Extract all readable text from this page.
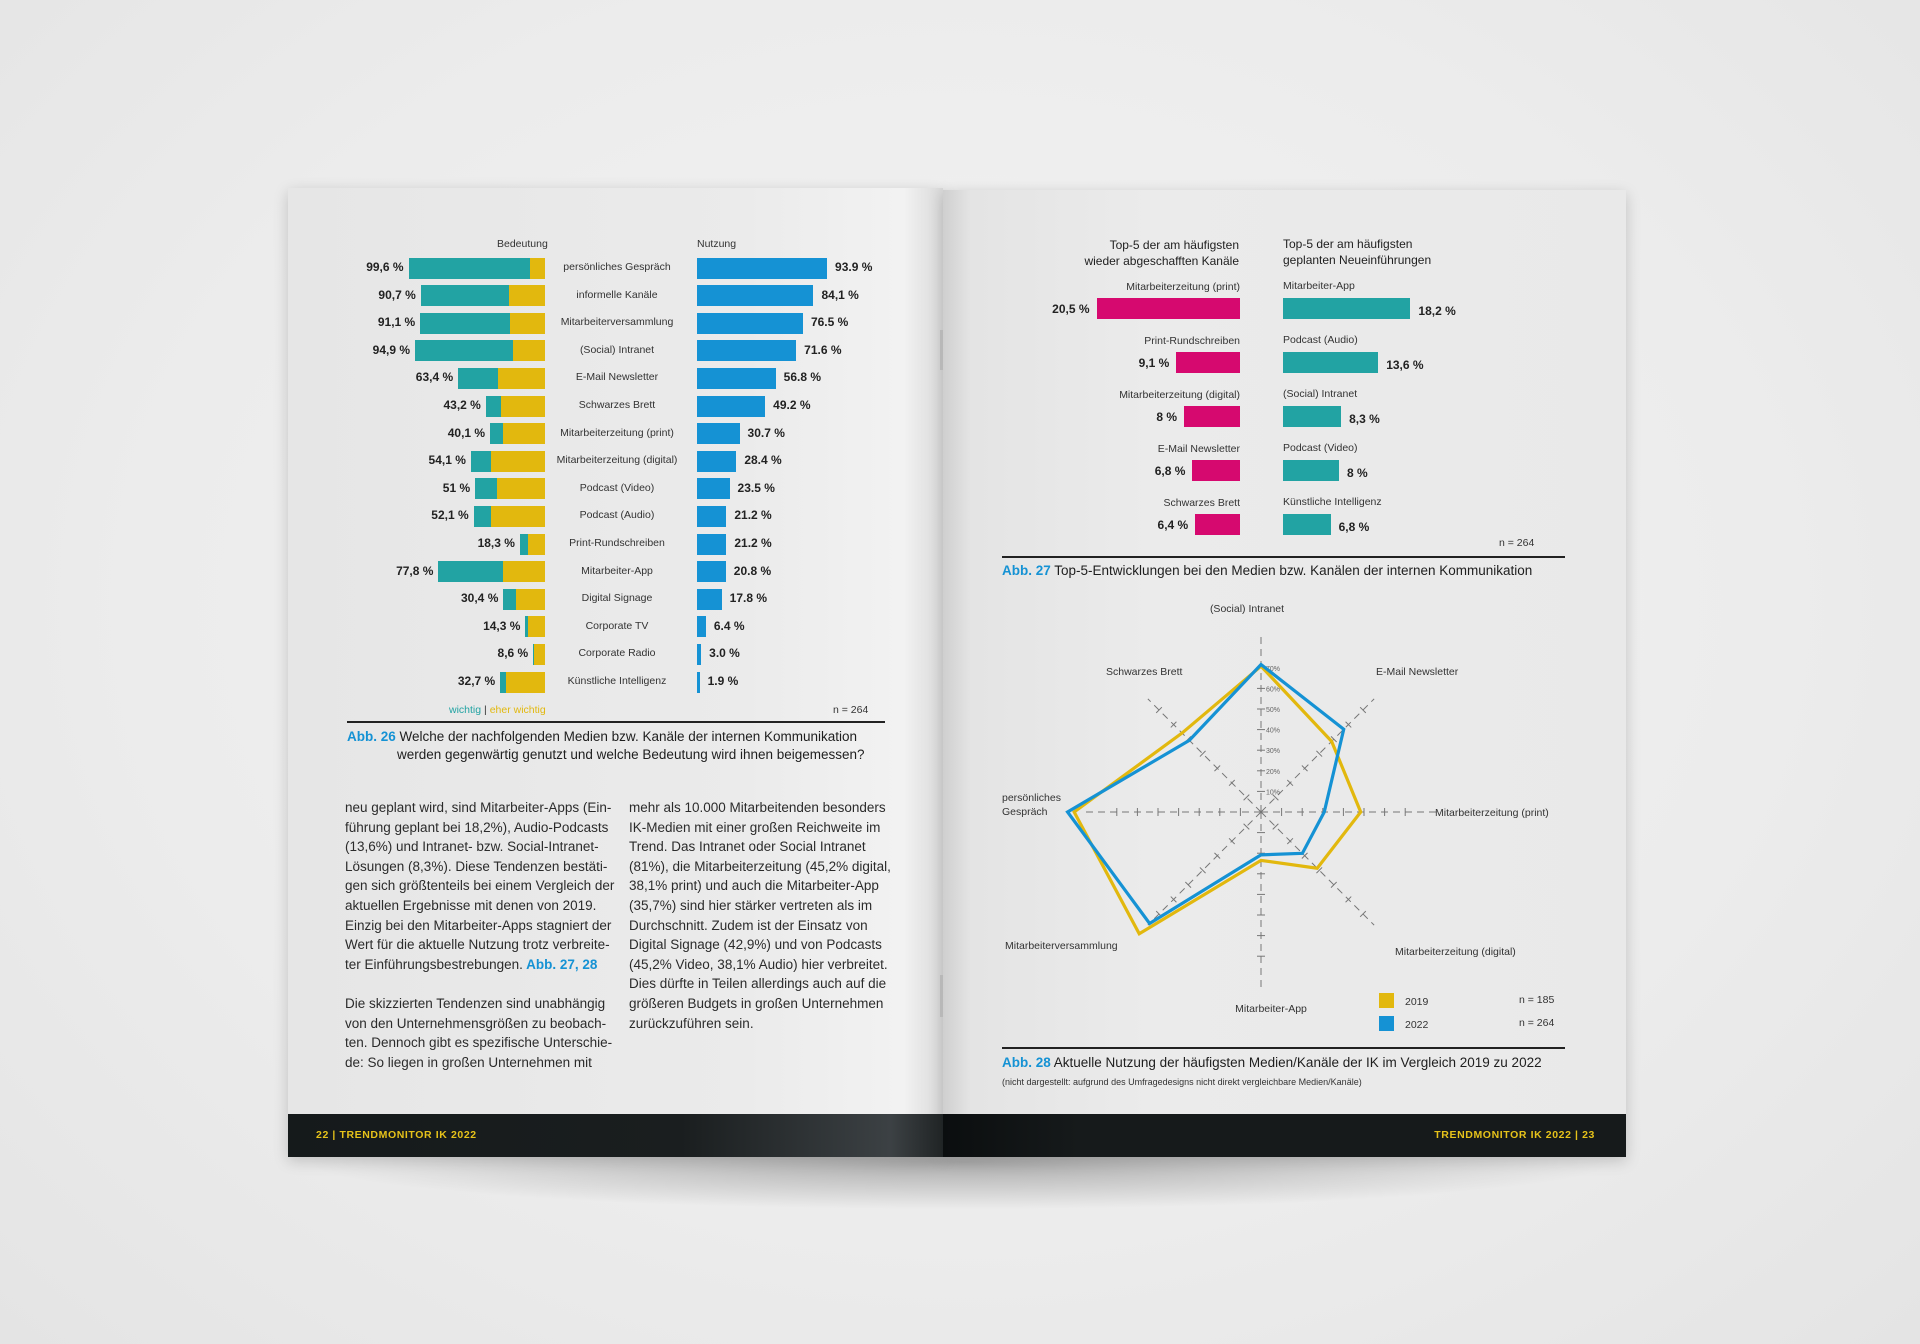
Bedeutung	Nutzung
99,6 %	persönliches Gespräch	93.9 %
90,7 %	informelle Kanäle	84,1 %
91,1 %	Mitarbeiterversammlung	76.5 %
94,9 %	(Social) Intranet	71.6 %
63,4 %	E-Mail Newsletter	56.8 %
43,2 %	Schwarzes Brett	49.2 %
40,1 %	Mitarbeiterzeitung (print)	30.7 %
54,1 %	Mitarbeiterzeitung (digital)	28.4 %
51 %	Podcast (Video)	23.5 %
52,1 %	Podcast (Audio)	21.2 %
18,3 %	Print-Rundschreiben	21.2 %
77,8 %	Mitarbeiter-App	20.8 %
30,4 %	Digital Signage	17.8 %
14,3 %	Corporate TV	6.4 %
8,6 %	Corporate Radio	3.0 %
32,7 %	Künstliche Intelligenz	1.9 %
wichtig | eher wichtig	n = 264
Abb. 26 Welche der nachfolgenden Medien bzw. Kanäle der internen Kommunikation
werden gegenwärtig genutzt und welche Bedeutung wird ihnen beigemessen?
neu geplant wird, sind Mitarbeiter-Apps (Ein-
führung geplant bei 18,2%), Audio-Podcasts
(13,6%) und Intranet- bzw. Social-Intranet-
Lösungen (8,3%). Diese Tendenzen bestäti-
gen sich größtenteils bei einem Vergleich der
aktuellen Ergebnisse mit denen von 2019.
Einzig bei den Mitarbeiter-Apps stagniert der
Wert für die aktuelle Nutzung trotz verbreite-
ter Einführungsbestrebungen. Abb. 27, 28
Die skizzierten Tendenzen sind unabhängig
von den Unternehmensgrößen zu beobach-
ten. Dennoch gibt es spezifische Unterschie-
de: So liegen in großen Unternehmen mit
mehr als 10.000 Mitarbeitenden besonders
IK-Medien mit einer großen Reichweite im
Trend. Das Intranet oder Social Intranet
(81%), die Mitarbeiterzeitung (45,2% digital,
38,1% print) und auch die Mitarbeiter-App
(35,7%) sind hier stärker vertreten als im
Durchschnitt. Zudem ist der Einsatz von
Digital Signage (42,9%) und von Podcasts
(45,2% Video, 38,1% Audio) hier verbreitet.
Dies dürfte in Teilen allerdings auch auf die
größeren Budgets in großen Unternehmen
zurückzuführen sein.
Top-5 der am häufigsten
wieder abgeschafften Kanäle
Top-5 der am häufigsten
geplanten Neueinführungen
Mitarbeiterzeitung (print)
20,5 %
Mitarbeiter-App
18,2 %
Print-Rundschreiben
9,1 %
Podcast (Audio)
13,6 %
Mitarbeiterzeitung (digital)
8 %
(Social) Intranet
8,3 %
E-Mail Newsletter
6,8 %
Podcast (Video)
8 %
Schwarzes Brett
6,4 %
Künstliche Intelligenz
6,8 %
n = 264
Abb. 27 Top-5-Entwicklungen bei den Medien bzw. Kanälen der internen Kommunikation
10%
20%
30%
40%
50%
60%
70%
(Social) Intranet
E-Mail Newsletter
Mitarbeiterzeitung (print)
Mitarbeiterzeitung (digital)
Mitarbeiter-App
Mitarbeiterversammlung
persönliches
Gespräch
Schwarzes Brett
2019
2022
n = 185
n = 264
Abb. 28 Aktuelle Nutzung der häufigsten Medien/Kanäle der IK im Vergleich 2019 zu 2022
(nicht dargestellt: aufgrund des Umfragedesigns nicht direkt vergleichbare Medien/Kanäle)
22 | TRENDMONITOR IK 2022	TRENDMONITOR IK 2022 | 23
